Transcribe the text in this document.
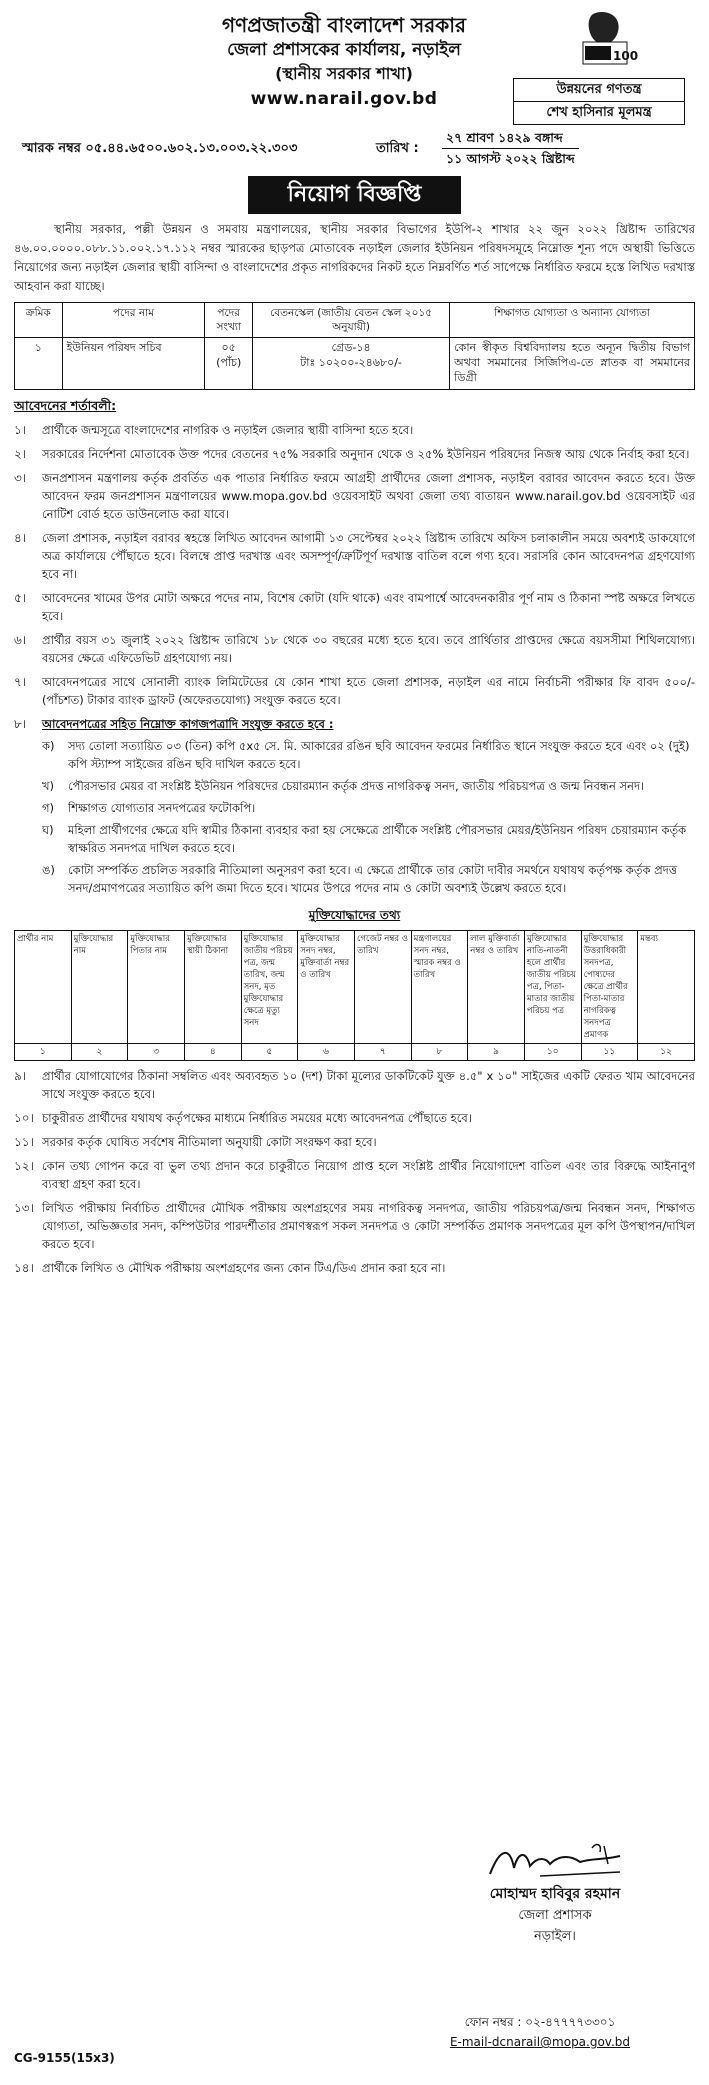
গণপ্রজাতন্ত্রী বাংলাদেশ সরকার
জেলা প্রশাসকের কার্যালয়, নড়াইল
(স্থানীয় সরকার শাখা)
www.narail.gov.bd
100
উন্নয়নের গণতন্ত্র
শেখ হাসিনার মূলমন্ত্র
স্মারক নম্বর ০৫.৪৪.৬৫০০.৬০২.১৩.০০৩.২২.৩০৩	তারিখ :
২৭ শ্রাবণ ১৪২৯ বঙ্গাব্দ
১১ আগস্ট ২০২২ খ্রিষ্টাব্দ
নিয়োগ বিজ্ঞপ্তি
স্থানীয় সরকার, পল্লী উন্নয়ন ও সমবায় মন্ত্রণালয়ের, স্থানীয় সরকার বিভাগের ইউপি-২ শাখার ২২ জুন ২০২২ খ্রিষ্টাব্দ তারিখের ৪৬.০০.০০০০.০৮৮.১১.০০২.১৭.১১২ নম্বর স্মারকের ছাড়পত্র মোতাবেক নড়াইল জেলার ইউনিয়ন পরিষদসমূহে নিম্নোক্ত শূন্য পদে অস্থায়ী ভিত্তিতে নিয়োগের জন্য নড়াইল জেলার স্থায়ী বাসিন্দা ও বাংলাদেশের প্রকৃত নাগরিকদের নিকট হতে নিম্নবর্ণিত শর্ত সাপেক্ষে নির্ধারিত ফরমে হস্তে লিখিত দরখাস্ত আহবান করা যাচ্ছে।
ক্রমিক	পদের নাম	পদের সংখ্যা	বেতনস্কেল (জাতীয় বেতন স্কেল ২০১৫ অনুযায়ী)	শিক্ষাগত যোগ্যতা ও অন্যান্য যোগ্যতা
১	ইউনিয়ন পরিষদ সচিব	০৫ (পাঁচ)	গ্রেড-১৪
টাঃ ১০২০০-২৪৬৮০/-	কোন স্বীকৃত বিশ্ববিদ্যালয় হতে অন্যূন দ্বিতীয় বিভাগ অথবা সমমানের সিজিপিএ-তে স্নাতক বা সমমানের ডিগ্রী
আবেদনের শর্তাবলী:
১।	প্রার্থীকে জন্মসূত্রে বাংলাদেশের নাগরিক ও নড়াইল জেলার স্থায়ী বাসিন্দা হতে হবে।
২।	সরকারের নির্দেশনা মোতাবেক উক্ত পদের বেতনের ৭৫% সরকারি অনুদান থেকে ও ২৫% ইউনিয়ন পরিষদের নিজস্ব আয় থেকে নির্বাহ করা হবে।
৩।	জনপ্রশাসন মন্ত্রণালয় কর্তৃক প্রবর্তিত এক পাতার নির্ধারিত ফরমে আগ্রহী প্রার্থীদের জেলা প্রশাসক, নড়াইল বরাবর আবেদন করতে হবে। উক্ত আবেদন ফরম জনপ্রশাসন মন্ত্রণালয়ের www.mopa.gov.bd ওয়েবসাইট অথবা জেলা তথ্য বাতায়ন www.narail.gov.bd ওয়েবসাইট এর নোটিশ বোর্ড হতে ডাউনলোড করা যাবে।
৪।	জেলা প্রশাসক, নড়াইল বরাবর স্বহস্তে লিখিত আবেদন আগামী ১৩ সেপ্টেম্বর ২০২২ খ্রিষ্টাব্দ তারিখে অফিস চলাকালীন সময়ে অবশ্যই ডাকযোগে অত্র কার্যালয়ে পৌঁছাতে হবে। বিলম্বে প্রাপ্ত দরখাস্ত এবং অসম্পূর্ণ/ত্রুটিপূর্ণ দরখাস্ত বাতিল বলে গণ্য হবে। সরাসরি কোন আবেদনপত্র গ্রহণযোগ্য হবে না।
৫।	আবেদনের খামের উপর মোটা অক্ষরে পদের নাম, বিশেষ কোটা (যদি থাকে) এবং বামপার্শ্বে আবেদনকারীর পূর্ণ নাম ও ঠিকানা স্পষ্ট অক্ষরে লিখতে হবে।
৬।	প্রার্থীর বয়স ৩১ জুলাই ২০২২ খ্রিষ্টাব্দ তারিখে ১৮ থেকে ৩০ বছরের মধ্যে হতে হবে। তবে প্রার্থিতার প্রাপ্তদের ক্ষেত্রে বয়সসীমা শিথিলযোগ্য। বয়সের ক্ষেত্রে এফিডেভিট গ্রহণযোগ্য নয়।
৭।	আবেদনপত্রের সাথে সোনালী ব্যাংক লিমিটেডের যে কোন শাখা হতে জেলা প্রশাসক, নড়াইল এর নামে নির্বাচনী পরীক্ষার ফি বাবদ ৫০০/- (পাঁচশত) টাকার ব্যাংক ড্রাফট (অফেরতযোগ্য) সংযুক্ত করতে হবে।
৮।	আবেদনপত্রের সহিত নিম্নোক্ত কাগজপত্রাদি সংযুক্ত করতে হবে :
ক)	সদ্য তোলা সত্যায়িত ০৩ (তিন) কপি ৫x৫ সে. মি. আকারের রঙিন ছবি আবেদন ফরমের নির্ধারিত স্থানে সংযুক্ত করতে হবে এবং ০২ (দুই) কপি স্ট্যাম্প সাইজের রঙিন ছবি দাখিল করতে হবে।
খ)	পৌরসভার মেয়র বা সংশ্লিষ্ট ইউনিয়ন পরিষদের চেয়ারম্যান কর্তৃক প্রদত্ত নাগরিকত্ব সনদ, জাতীয় পরিচয়পত্র ও জন্ম নিবন্ধন সনদ।
গ)	শিক্ষাগত যোগ্যতার সনদপত্রের ফটোকপি।
ঘ)	মহিলা প্রার্থীগণের ক্ষেত্রে যদি স্বামীর ঠিকানা ব্যবহার করা হয় সেক্ষেত্রে প্রার্থীকে সংশ্লিষ্ট পৌরসভার মেয়র/ইউনিয়ন পরিষদ চেয়ারম্যান কর্তৃক স্বাক্ষরিত সনদপত্র দাখিল করতে হবে।
ঙ)	কোটা সম্পর্কিত প্রচলিত সরকারি নীতিমালা অনুসরণ করা হবে। এ ক্ষেত্রে প্রার্থীকে তার কোটা দাবীর সমর্থনে যথাযথ কর্তৃপক্ষ কর্তৃক প্রদত্ত সনদ/প্রমাণপত্রের সত্যায়িত কপি জমা দিতে হবে। খামের উপরে পদের নাম ও কোটা অবশ্যই উল্লেখ করতে হবে।
মুক্তিযোদ্ধাদের তথ্য
প্রার্থীর নাম	মুক্তিযোদ্ধার নাম	মুক্তিযোদ্ধার পিতার নাম	মুক্তিযোদ্ধার স্থায়ী ঠিকানা	মুক্তিযোদ্ধার জাতীয় পরিচয় পত্র, জন্ম তারিখ, জন্ম সনদ, মৃত মুক্তিযোদ্ধার ক্ষেত্রে মৃত্যু সনদ	মুক্তিযোদ্ধার সনদ নম্বর, মুক্তিবার্তা নম্বর ও তারিখ	গেজেট নম্বর ও তারিখ	মন্ত্রণালয়ের সনদ নম্বর, স্মারক নম্বর ও তারিখ	লাল মুক্তিবার্তা নম্বর ও তারিখ	মুক্তিযোদ্ধার নাতি-নাতনী হলে প্রার্থীর জাতীয় পরিচয় পত্র, পিতা-মাতার জাতীয় পরিচয় পত্র	মুক্তিযোদ্ধার উত্তরাধিকারী সনদপত্র, পোষ্যদের ক্ষেত্রে প্রার্থীর পিতা-মাতার নাগরিকত্ব সনদপত্র প্রমাণক	মন্তব্য
১	২	৩	৪	৫	৬	৭	৮	৯	১০	১১	১২
৯।	প্রার্থীর যোগাযোগের ঠিকানা সম্বলিত এবং অব্যবহৃত ১০ (দশ) টাকা মূল্যের ডাকটিকেট যুক্ত ৪.৫" x ১০" সাইজের একটি ফেরত খাম আবেদনের সাথে সংযুক্ত করতে হবে।
১০। চাকুরীরত প্রার্থীদের যথাযথ কর্তৃপক্ষের মাধ্যমে নির্ধারিত সময়ের মধ্যে আবেদনপত্র পৌঁছাতে হবে।
১১। সরকার কর্তৃক ঘোষিত সর্বশেষ নীতিমালা অনুযায়ী কোটা সংরক্ষণ করা হবে।
১২। কোন তথ্য গোপন করে বা ভুল তথ্য প্রদান করে চাকুরীতে নিয়োগ প্রাপ্ত হলে সংশ্লিষ্ট প্রার্থীর নিয়োগাদেশ বাতিল এবং তার বিরুদ্ধে আইনানুগ ব্যবস্থা গ্রহণ করা হবে।
১৩। লিখিত পরীক্ষায় নির্বাচিত প্রার্থীদের মৌখিক পরীক্ষায় অংশগ্রহণের সময় নাগরিকত্ব সনদপত্র, জাতীয় পরিচয়পত্র/জন্ম নিবন্ধন সনদ, শিক্ষাগত যোগ্যতা, অভিজ্ঞতার সনদ, কম্পিউটার পারদর্শীতার প্রমাণস্বরূপ সকল সনদপত্র ও কোটা সম্পর্কিত প্রমাণক সনদপত্রের মূল কপি উপস্থাপন/দাখিল করতে হবে।
১৪। প্রার্থীকে লিখিত ও মৌখিক পরীক্ষায় অংশগ্রহণের জন্য কোন টিএ/ডিএ প্রদান করা হবে না।
মোহাম্মদ হাবিবুর রহমান
জেলা প্রশাসক
নড়াইল।
ফোন নম্বর : ০২-৪৭৭৭৭৩৩০১
E-mail-dcnarail@mopa.gov.bd
CG-9155(15x3)
